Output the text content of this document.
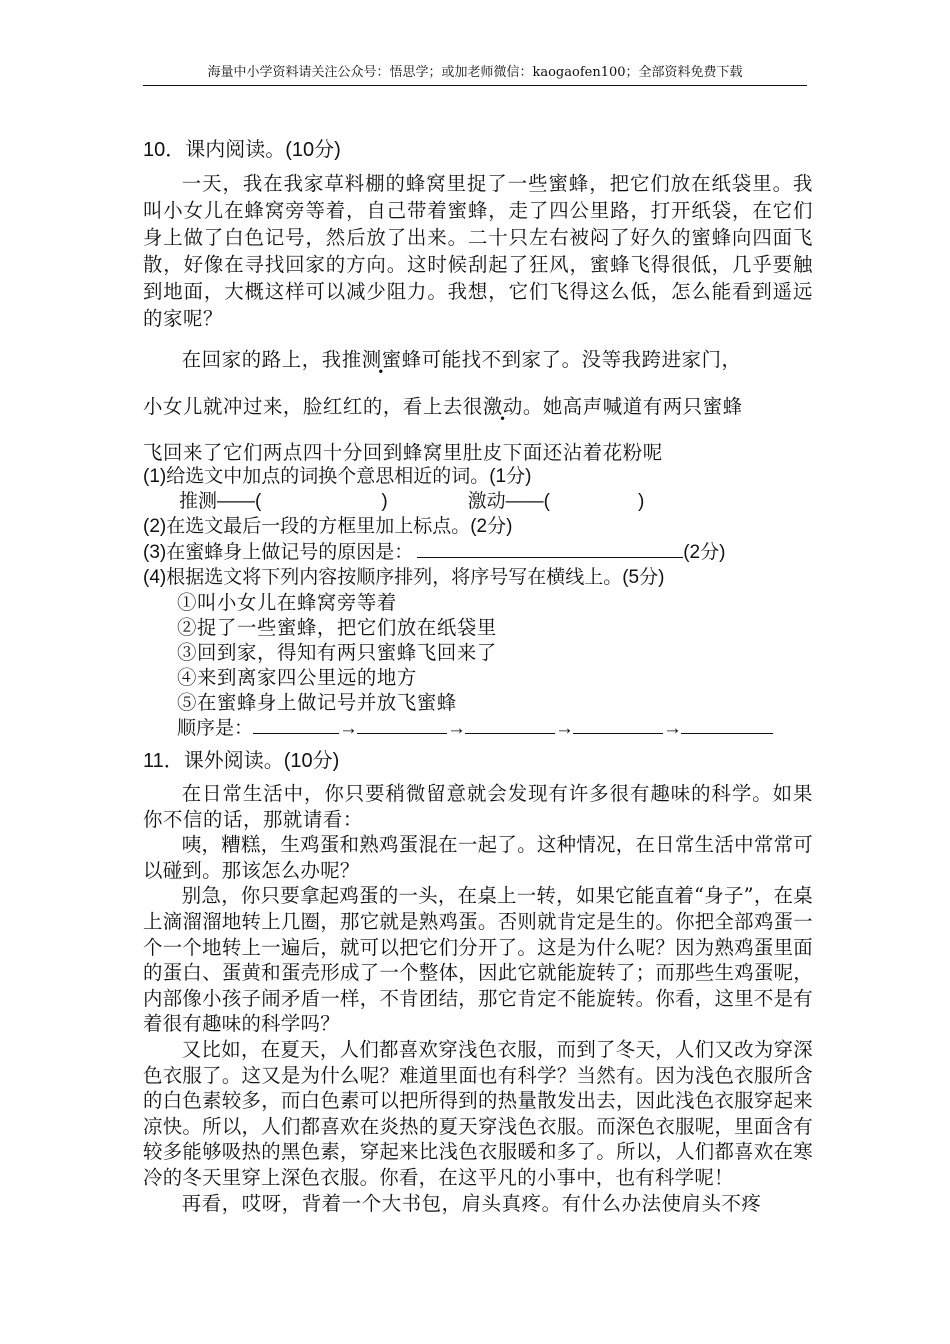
海量中小学资料请关注公众号：悟思学；或加老师微信：kaogaofen100；全部资料免费下载
10．课内阅读。(10分)

一天，我在我家草料棚的蜂窝里捉了一些蜜蜂，把它们放在纸袋里。我叫小女儿在蜂窝旁等着，自己带着蜜蜂，走了四公里路，打开纸袋，在它们身上做了白色记号，然后放了出来。二十只左右被闷了好久的蜜蜂向四面飞散，好像在寻找回家的方向。这时候刮起了狂风，蜜蜂飞得很低，几乎要触到地面，大概这样可以减少阻力。我想，它们飞得这么低，怎么能看到遥远的家呢？

在回家的路上，我推测蜜蜂可能找不到家了。没等我跨进家门，

小女儿就冲过来，脸红红的，看上去很激动。她高声喊道有两只蜜蜂

飞回来了它们两点四十分回到蜂窝里肚皮下面还沾着花粉呢

(1)给选文中加点的词换个意思相近的词。(1分)

推测——(	)	激动——(	)

(2)在选文最后一段的方框里加上标点。(2分)

(3)在蜜蜂身上做记号的原因是：	(2分)

(4)根据选文将下列内容按顺序排列，将序号写在横线上。(5分)

①叫小女儿在蜂窝旁等着

②捉了一些蜜蜂，把它们放在纸袋里

③回到家，得知有两只蜜蜂飞回来了

④来到离家四公里远的地方

⑤在蜜蜂身上做记号并放飞蜜蜂

顺序是：	→	→	→	→

11．课外阅读。(10分)

在日常生活中，你只要稍微留意就会发现有许多很有趣味的科学。如果你不信的话，那就请看：

咦，糟糕，生鸡蛋和熟鸡蛋混在一起了。这种情况，在日常生活中常常可以碰到。那该怎么办呢？

别急，你只要拿起鸡蛋的一头，在桌上一转，如果它能直着“身子”，在桌上滴溜溜地转上几圈，那它就是熟鸡蛋。否则就肯定是生的。你把全部鸡蛋一个一个地转上一遍后，就可以把它们分开了。这是为什么呢？因为熟鸡蛋里面的蛋白、蛋黄和蛋壳形成了一个整体，因此它就能旋转了；而那些生鸡蛋呢，内部像小孩子闹矛盾一样，不肯团结，那它肯定不能旋转。你看，这里不是有着很有趣味的科学吗？

又比如，在夏天，人们都喜欢穿浅色衣服，而到了冬天，人们又改为穿深色衣服了。这又是为什么呢？难道里面也有科学？当然有。因为浅色衣服所含的白色素较多，而白色素可以把所得到的热量散发出去，因此浅色衣服穿起来凉快。所以，人们都喜欢在炎热的夏天穿浅色衣服。而深色衣服呢，里面含有较多能够吸热的黑色素，穿起来比浅色衣服暖和多了。所以，人们都喜欢在寒冷的冬天里穿上深色衣服。你看，在这平凡的小事中，也有科学呢！

再看，哎呀，背着一个大书包，肩头真疼。有什么办法使肩头不疼
